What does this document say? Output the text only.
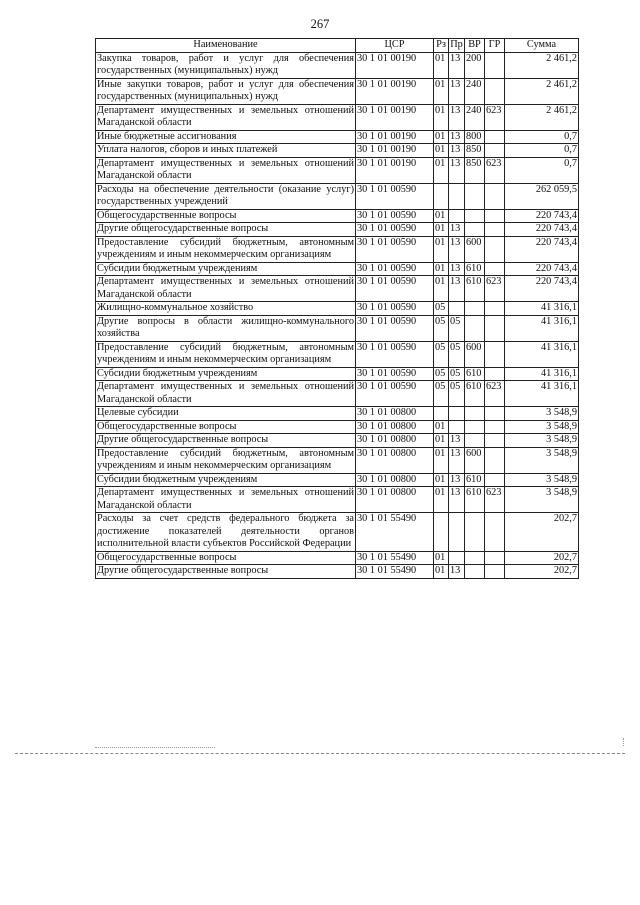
267
Наименование	ЦСР	Рз	Пр	ВР	ГР	Сумма
Закупка товаров, работ и услуг для обеспечения государственных (муниципальных) нужд	30 1 01 00190	01	13	200		2 461,2
Иные закупки товаров, работ и услуг для обеспечения государственных (муниципальных) нужд	30 1 01 00190	01	13	240		2 461,2
Департамент имущественных и земельных отношений Магаданской области	30 1 01 00190	01	13	240	623	2 461,2
Иные бюджетные ассигнования	30 1 01 00190	01	13	800		0,7
Уплата налогов, сборов и иных платежей	30 1 01 00190	01	13	850		0,7
Департамент имущественных и земельных отношений Магаданской области	30 1 01 00190	01	13	850	623	0,7
Расходы на обеспечение деятельности (оказание услуг) государственных учреждений	30 1 01 00590					262 059,5
Общегосударственные вопросы	30 1 01 00590	01				220 743,4
Другие общегосударственные вопросы	30 1 01 00590	01	13			220 743,4
Предоставление субсидий бюджетным, автономным учреждениям и иным некоммерческим организациям	30 1 01 00590	01	13	600		220 743,4
Субсидии бюджетным учреждениям	30 1 01 00590	01	13	610		220 743,4
Департамент имущественных и земельных отношений Магаданской области	30 1 01 00590	01	13	610	623	220 743,4
Жилищно-коммунальное хозяйство	30 1 01 00590	05				41 316,1
Другие вопросы в области жилищно-коммунального хозяйства	30 1 01 00590	05	05			41 316,1
Предоставление субсидий бюджетным, автономным учреждениям и иным некоммерческим организациям	30 1 01 00590	05	05	600		41 316,1
Субсидии бюджетным учреждениям	30 1 01 00590	05	05	610		41 316,1
Департамент имущественных и земельных отношений Магаданской области	30 1 01 00590	05	05	610	623	41 316,1
Целевые субсидии	30 1 01 00800					3 548,9
Общегосударственные вопросы	30 1 01 00800	01				3 548,9
Другие общегосударственные вопросы	30 1 01 00800	01	13			3 548,9
Предоставление субсидий бюджетным, автономным учреждениям и иным некоммерческим организациям	30 1 01 00800	01	13	600		3 548,9
Субсидии бюджетным учреждениям	30 1 01 00800	01	13	610		3 548,9
Департамент имущественных и земельных отношений Магаданской области	30 1 01 00800	01	13	610	623	3 548,9
Расходы за счет средств федерального бюджета за достижение показателей деятельности органов исполнительной власти субъектов Российской Федерации	30 1 01 55490					202,7
Общегосударственные вопросы	30 1 01 55490	01				202,7
Другие общегосударственные вопросы	30 1 01 55490	01	13			202,7
